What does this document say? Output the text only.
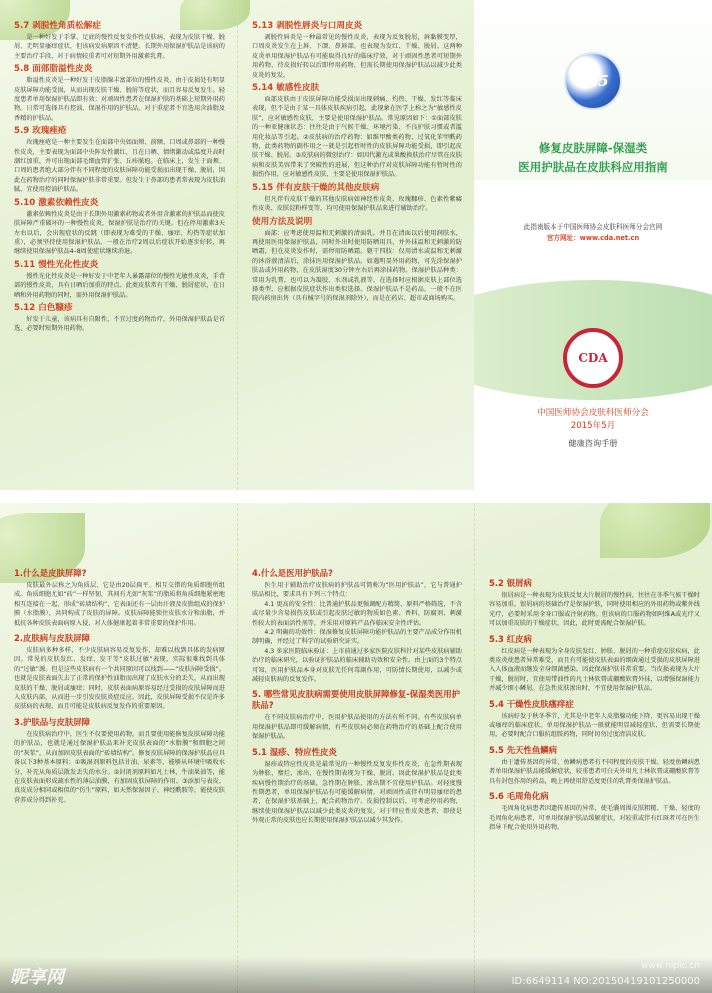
5.7 剥脱性角质松解症

是一种好发于手掌、足底的慢性反复发作性皮肤病，表现为皮肤干燥、脱屑、无明显瘙痒症状，但该病发病原因不清楚。长期外用保湿护肤品是该病的主要治疗手段，对于病情较重者可对短期外用激素乳膏。

5.8 面部脂溢性皮炎

脂溢性皮炎是一种好发于皮脂腺丰富部位的慢性皮炎，由于皮损处有明显皮肤屏障功能受损，从而出现皮肤干燥、脱屑等症状，而且容易反复发生。轻度患者单用保湿护肤品即有效；对顽固性患者在保湿护肤的基础上短期外用药物。日常可选择具有控油、保湿作用的护肤品，对于重症者不宜选用含油脂及香精的护肤品。

5.9 玫瑰痤疮

玫瑰痤疮是一种主要发生在面部中央如面颊、前额、口周或鼻部的一种慢性皮炎，主要表现为面部中央阵发性潮红，且在日晒、情绪激动或温度升高时潮红加重，并可出现面部毛细血管扩张、丘疹脓疱。在临床上，发生于面颊、口周的患者绝大部分伴有不同程度的皮肤屏障功能受损而出现干燥、脱屑，因此在药物治疗的同时保湿护肤非常重要。但发生于鼻部的患者常表现为皮肤油腻，宜使用控油护肤品。

5.10 激素依赖性皮炎

激素依赖性皮炎是由于长期外用激素药物或者外用含激素的护肤品而使皮肤屏障严重破坏的一种慢性皮炎，保湿护肤是治疗的关键。但在停用激素3天左右以后，会出现症状的反跳（即表现为难受的干燥、瘙痒、灼热等症状加重），必须坚持使用保湿护肤品，一般在治疗2周以后症状开始逐步好转，再继续使用保湿护肤品4–8周使症状继续消退。

5.11 慢性光化性皮炎

慢性光化性皮炎是一种好发于中老年人暴露部位的慢性光敏性皮炎，手背部的慢性皮炎，具有日晒后加重的特点。此类皮肤常有干燥、脱屑症状，在日晒和外用药物的同时，需外用保湿护肤品。

5.12 白色糠疹

好发于儿童，该病具有自限性，不宜过度药物治疗，外用保湿护肤品是首选，必要时短期外用药物。

5.13 剥脱性唇炎与口周皮炎

剥脱性唇炎是一种最常见的慢性皮炎，表现为反复脱屑，唇黏膜变厚，口周皮炎发生在上唇、下颌、鼻唇部，也表现为发红、干燥、脱屑。这两种皮炎单用保湿护肤品有可能取得良好的临床疗效，对于顽固性患者可短期外用药物，待皮损好转以后即停用药物，但需长期使用保湿护肤品以减少此类皮炎的复发。

5.14 敏感性皮肤

面部皮肤由于皮肤屏障功能受损而出现刺痛、灼热、干燥、发红等临床表现，但不是由于某一具体皮肤疾病引起，此现象在医学上称之为“敏感性皮肤”，应对敏感性皮肤，主要是使用保湿护肤品。常见原因如下：①面部皮肤的一种亚健康状态：往往是由于气候干燥、环境污染、不良护肤习惯或者滥用化妆品等引起。②皮肤病的治疗药物：如维甲酸类药物、过氧化苯甲酰药物，此类药物的副作用之一就是引起暂时性的皮肤屏障功能受损，即引起皮肤干燥、脱屑。③皮肤病的微创治疗：如因代激光或果酸换肤治疗尽管在皮肤病和皮肤美容带来了突破性的进展，但这种治疗对皮肤屏障功能有暂时性的损伤作用，应对敏感性皮肤，主要是使用保湿护肤品。

5.15 伴有皮肤干燥的其他皮肤病

但凡伴有皮肤干燥的其他皮肤病如神经性皮炎、玫瑰糠疹、色素性紫癜性皮炎、皮肤淀粉样变等，均可使用保湿护肤品来进行辅助治疗。

使用方法及说明

面部：应考虑使用温和无刺激的清面乳，并且在清面以后使用润肤水，再使用医用保湿护肤品，同时外出时使用防晒用具，并外抹温和无刺激的防晒霜，但在皮炎发作时，需停用防晒霜。躯干四肢：仅用清水或温和无刺激的沐浴液清洁后，涂抹医用保湿护肤品。如遇明显外用药物，可先涂保湿护肤品或外用药物，在皮肤湿度30分钟左右后再涂抹药物。保湿护肤品种类：常用为乳膏，也可以为凝胶、水剂或乳液等，在选择时应根据皮肤上部位选择类型，应根据皮肤症状作出类似选择。保湿护肤品不是药品，一般不在医院内药房出售（具有械字号的保湿剂除外），而是在药店、超市或商场购买。

525
修复皮肤屏障-保湿类
医用护肤品在皮肤科应用指南
此指南版本于中国医师协会皮肤科医师分会官网
官方网址：www.cda.net.cn
CDA
中国医师协会皮肤科医师分会
2015年5月
健康咨询手册
1.什么是皮肤屏障?

皮肤最外层称之为角质层，它是由20层扁平、相互交错的角质细胞所组成。角质细胞尤如“砖”一样坚韧，其间有尤如“灰浆”的脂质将角质细胞紧密地相互连接在一起，形成“砖墙结构”，它表面还有一层由汗液及皮脂组成的保护膜（水脂膜），共同构成了皮肤的屏障。皮肤屏障能锁住皮肤水分和油脂，并抵抗各种皮肤表面病原入侵，对人体健康起着非常重要的保护作用。

2.皮肤病与皮肤屏障

皮肤病多种多样，不少皮肤病容易反复发作，却难以找到具体的发病原因。常见的皮肤发红、发痒、发干等“皮肤过敏”表现，实际很难找到具体的“过敏”源。但是这些皮肤病有一个共同原因可以找到——“皮肤屏障受损”。也就是皮肤表面失去了正常的保护性油脂而出现了皮肤水分的丢失，从而出现皮肤的干燥、脱屑或瘙痒；同时，皮肤表面病原容易经过受损的皮肤屏障而进入皮肤内部，从而进一步引发皮肤炎症反应。因此，皮肤屏障受损不仅是许多皮肤病的表现，而且可能是皮肤病反复发作的重要原因。

3.护肤品与皮肤屏障

在皮肤病治疗中，医生不仅要使用药物，而且要使用能修复皮肤屏障功能的护肤品，也就是通过保湿护肤品来补充皮肤表面的“水脂膜”和细胞之间的“灰浆”，从而加固皮肤表面的“砖墙结构”。修复皮肤屏障的保湿护肤品应具备以下3种基本原料：①吸湿剂原料包括甘油、尿素等，能够从环境中吸收水分，补充从角质层散发丢失的水分。②封闭剂原料如凡士林、牛油果油等，能在皮肤表面形成疏水性的薄层油膜，有加固皮肤屏障的作用。③添加与表皮、真皮成分相同或相似的“仿生”原料，如天然保湿因子、神经酰胺等，能使皮肤营养成分得到补充。

4.什么是医用护肤品?

医生用于辅助治疗皮肤病的护肤品可简称为“医用护肤品”，它与普通护肤品相比，要求具有下列三个特点：

4.1 更高的安全性：比普通护肤品更强调配方精简、原料严格筛选，不含或尽量少含易损伤皮肤或引起皮肤过敏的物质如色素、香料、防腐剂、刺激性较大的表面活性剂等，并采用对原料产品作临床安全性评估。

4.2 明确的功效性：保湿修复皮肤屏障功能护肤品的主要产品成分作用机制明确，并经过了科学的试验研究证实。

4.3 多家医院临床验证：上市前通过多家医院皮肤科针对某些皮肤病辅助治疗的临床研究，以验证护肤品的临床辅助功效和安全性。由上面的3个特点可知，医用护肤品本身对皮肤无任何毒副作用，可防情长期使用，以减少或减轻皮肤病的反复发作。

5. 哪些常见皮肤病需要使用皮肤屏障修复-保湿类医用护肤品?

在不同皮肤病治疗中，医用护肤品使用的方法有所不同。有些皮肤病单用保湿护肤品即可缓解病情，有些皮肤病必须在药物治疗的基础上配合使用保湿护肤品。

5.1 湿疹、特应性皮炎

湿疹或特应性皮炎是最常见的一种慢性反复发作性皮炎，在急性期表现为肿胀、糜烂、渗出，在慢性期表现为干燥、脱屑。因此保湿护肤品是此类疾病慢性期治疗的基础，急性期在肿胀、渗出期不宜使用护肤品。对轻度慢性期患者，单用保湿护肤品有可能缓解病情，对顽固性或伴有明显瘙痒的患者，在保湿护肤基础上，配合药物治疗。皮损控制以后，可考虑停用药物，继续使用保湿护肤品以减少此类皮炎的复发，对于特应性皮炎患者，即使是外观正常的皮肤也应长期使用保湿护肤品以减少其发作。

5.2 银屑病

银屑病是一种表现为皮肤反复大片脱屑的慢性病，往往在冬季气候干燥时容易加重。银屑病的基础治疗是保湿护肤，同时使用相应的外用药物或紫外线光疗，必要时采用全身口服或注射药物。但该病的口服药物如阿维A或光疗又可以加重皮肤的干燥症状，因此，此时更需配合保湿护肤。

5.3 红皮病

红皮病是一种表现为全身皮肤发红、肿胀、脱屑的一种重症皮肤疾病，此类皮炎使患者异常难受，而且有可能使皮肤表面的细菌通过受损的皮肤屏障进入人体血液而继发全身细菌感染。因此保湿护肤非常重要，当皮损表现为大片干燥，脱屑时，宜使用带油性的凡士林软膏或硼酸软膏外抹，以增强保湿能力并减少细小鳞屑。在急性皮肤渗出时，不宜使用保湿护肤品。

5.4 干燥性皮肤瘙痒症

该病好发于秋冬季节，尤其是中老年人皮脂腺功能下降，更容易出现干燥或瘙痒的临床症状。单用保湿护肤品一般就能明显减轻症状，但需要长期使用，必要时配合口服抗组胺药物，同时切勿过度清洁皮肤。

5.5 先天性鱼鳞病

由于遗传基因的异常，鱼鳞病患者有不同程度的皮肤干燥。轻度鱼鳞病患者单用保湿护肤品能缓解症状，较重患者可白天外用凡士林软膏或硼酸软膏等具有封包作用的药品，晚上再使用舒适度更佳的乳膏类保湿护肤品。

5.6 毛周角化病

毛周角化病患者因遗传基因的异常，使毛囊周围皮肤粗糙、干燥，轻度的毛周角化病患者，可单用保湿护肤品缓解症状，对较重或伴有红斑者可在医生指导下配合使用外用药物。

昵享网
www.nipic.cn
ID:6649114 NO:20150419101250000
